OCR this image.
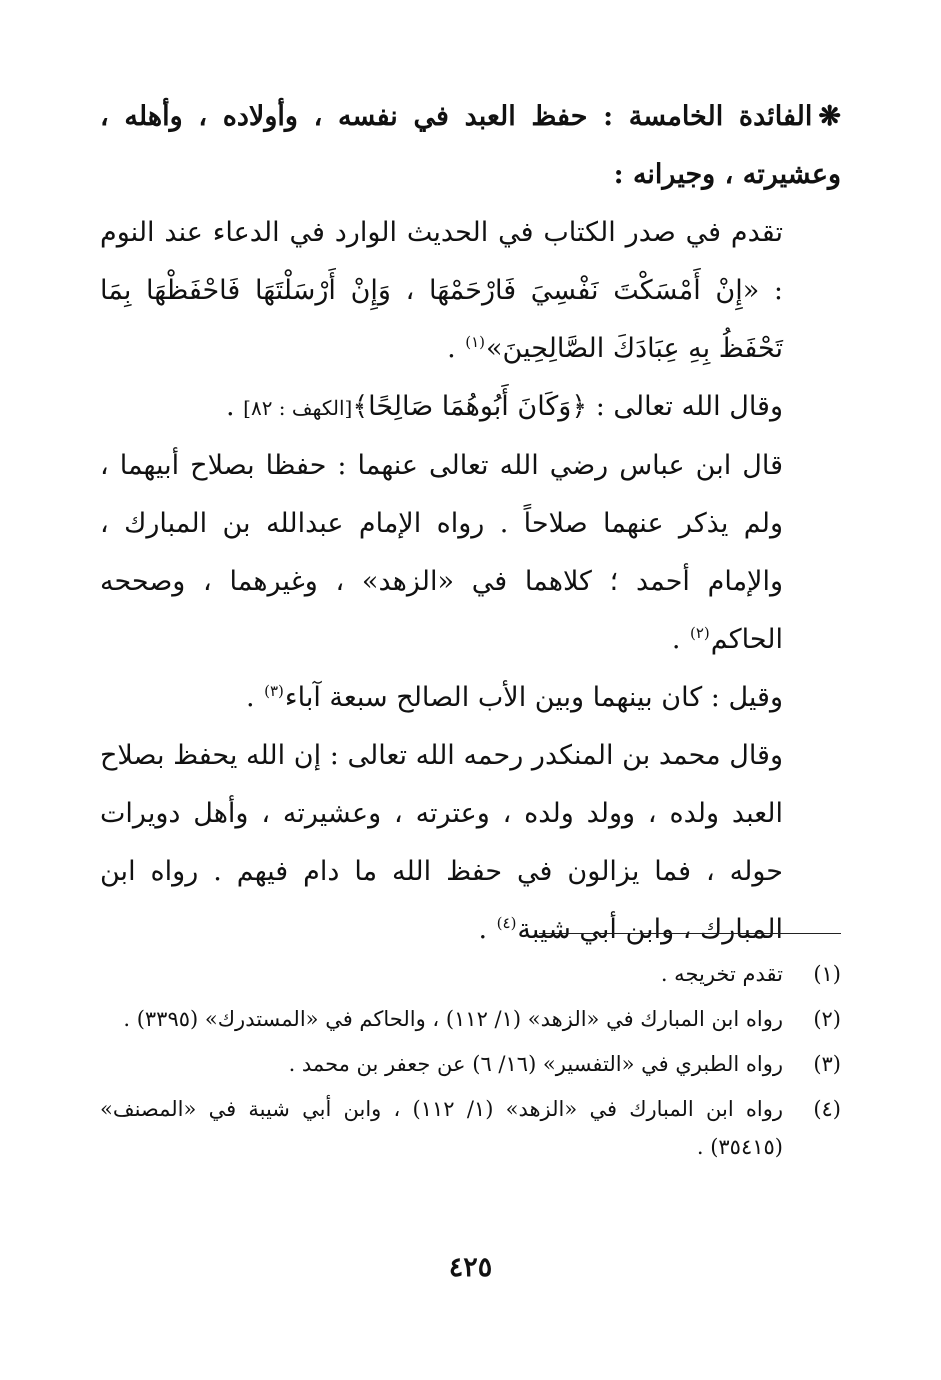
❋الفائدة الخامسة : حفظ العبد في نفسه ، وأولاده ، وأهله ، وعشيرته ، وجيرانه :

تقدم في صدر الكتاب في الحديث الوارد في الدعاء عند النوم : «إِنْ أَمْسَكْتَ نَفْسِيَ فَارْحَمْهَا ، وَإِنْ أَرْسَلْتَهَا فَاحْفَظْهَا بِمَا تَحْفَظُ بِهِ عِبَادَكَ الصَّالِحِينَ»$^{(١)}$ .

وقال الله تعالى : ﴿وَكَانَ أَبُوهُمَا صَالِحًا﴾[الكهف : ٨٢] .

قال ابن عباس رضي الله تعالى عنهما : حفظا بصلاح أبيهما ، ولم يذكر عنهما صلاحاً . رواه الإمام عبدالله بن المبارك ، والإمام أحمد ؛ كلاهما في «الزهد» ، وغيرهما ، وصححه الحاكم$^{(٢)}$ .

وقيل : كان بينهما وبين الأب الصالح سبعة آباء$^{(٣)}$ .

وقال محمد بن المنكدر رحمه الله تعالى : إن الله يحفظ بصلاح العبد ولده ، وولد ولده ، وعترته ، وعشيرته ، وأهل دويرات حوله ، فما يزالون في حفظ الله ما دام فيهم . رواه ابن المبارك ، وابن أبي شيبة$^{(٤)}$ .

(١)
تقدم تخريجه .
(٢)
رواه ابن المبارك في «الزهد» (١/ ١١٢) ، والحاكم في «المستدرك» (٣٣٩٥) .
(٣)
رواه الطبري في «التفسير» (١٦/ ٦) عن جعفر بن محمد .
(٤)
رواه ابن المبارك في «الزهد» (١/ ١١٢) ، وابن أبي شيبة في «المصنف» (٣٥٤١٥) .
٤٢٥
